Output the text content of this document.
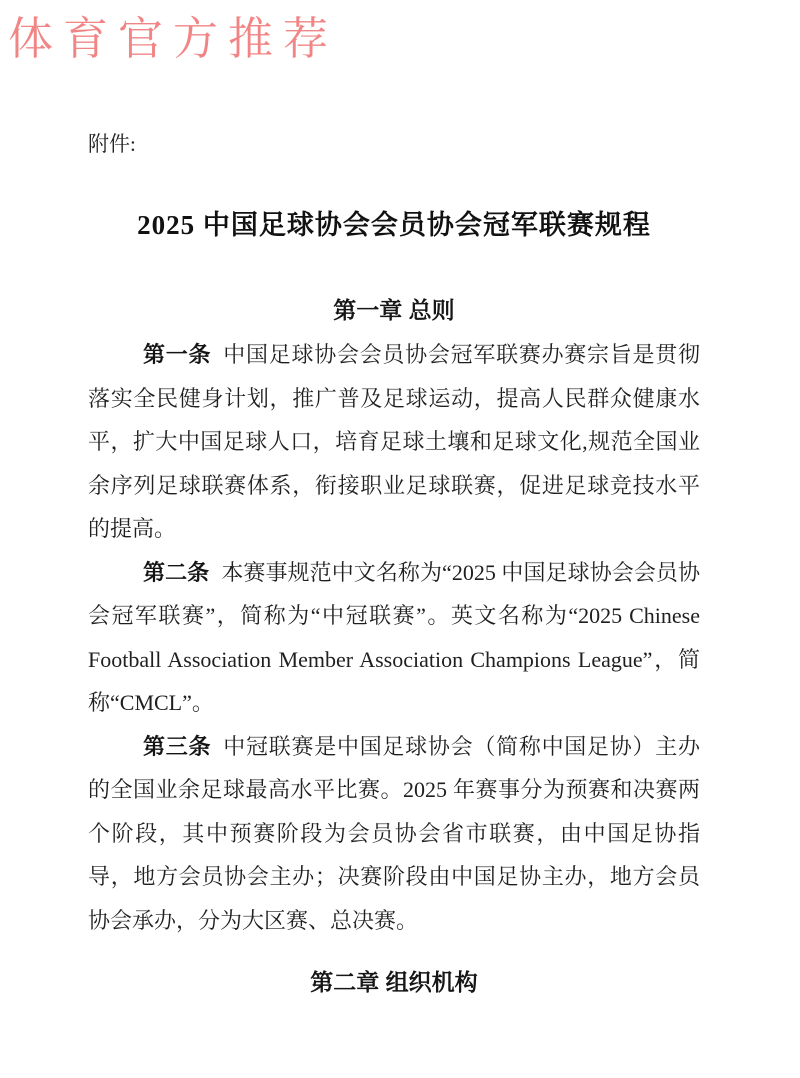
体育官方推荐
附件:
2025 中国足球协会会员协会冠军联赛规程
第一章 总则

第一条 中国足球协会会员协会冠军联赛办赛宗旨是贯彻落实全民健身计划，推广普及足球运动，提高人民群众健康水平，扩大中国足球人口，培育足球土壤和足球文化,规范全国业余序列足球联赛体系，衔接职业足球联赛，促进足球竞技水平的提高。

第二条 本赛事规范中文名称为“2025 中国足球协会会员协会冠军联赛”，简称为“中冠联赛”。英文名称为“2025 Chinese Football Association Member Association Champions League”，简称“CMCL”。

第三条 中冠联赛是中国足球协会（简称中国足协）主办的全国业余足球最高水平比赛。2025 年赛事分为预赛和决赛两个阶段，其中预赛阶段为会员协会省市联赛，由中国足协指导，地方会员协会主办；决赛阶段由中国足协主办，地方会员协会承办，分为大区赛、总决赛。

第二章 组织机构
